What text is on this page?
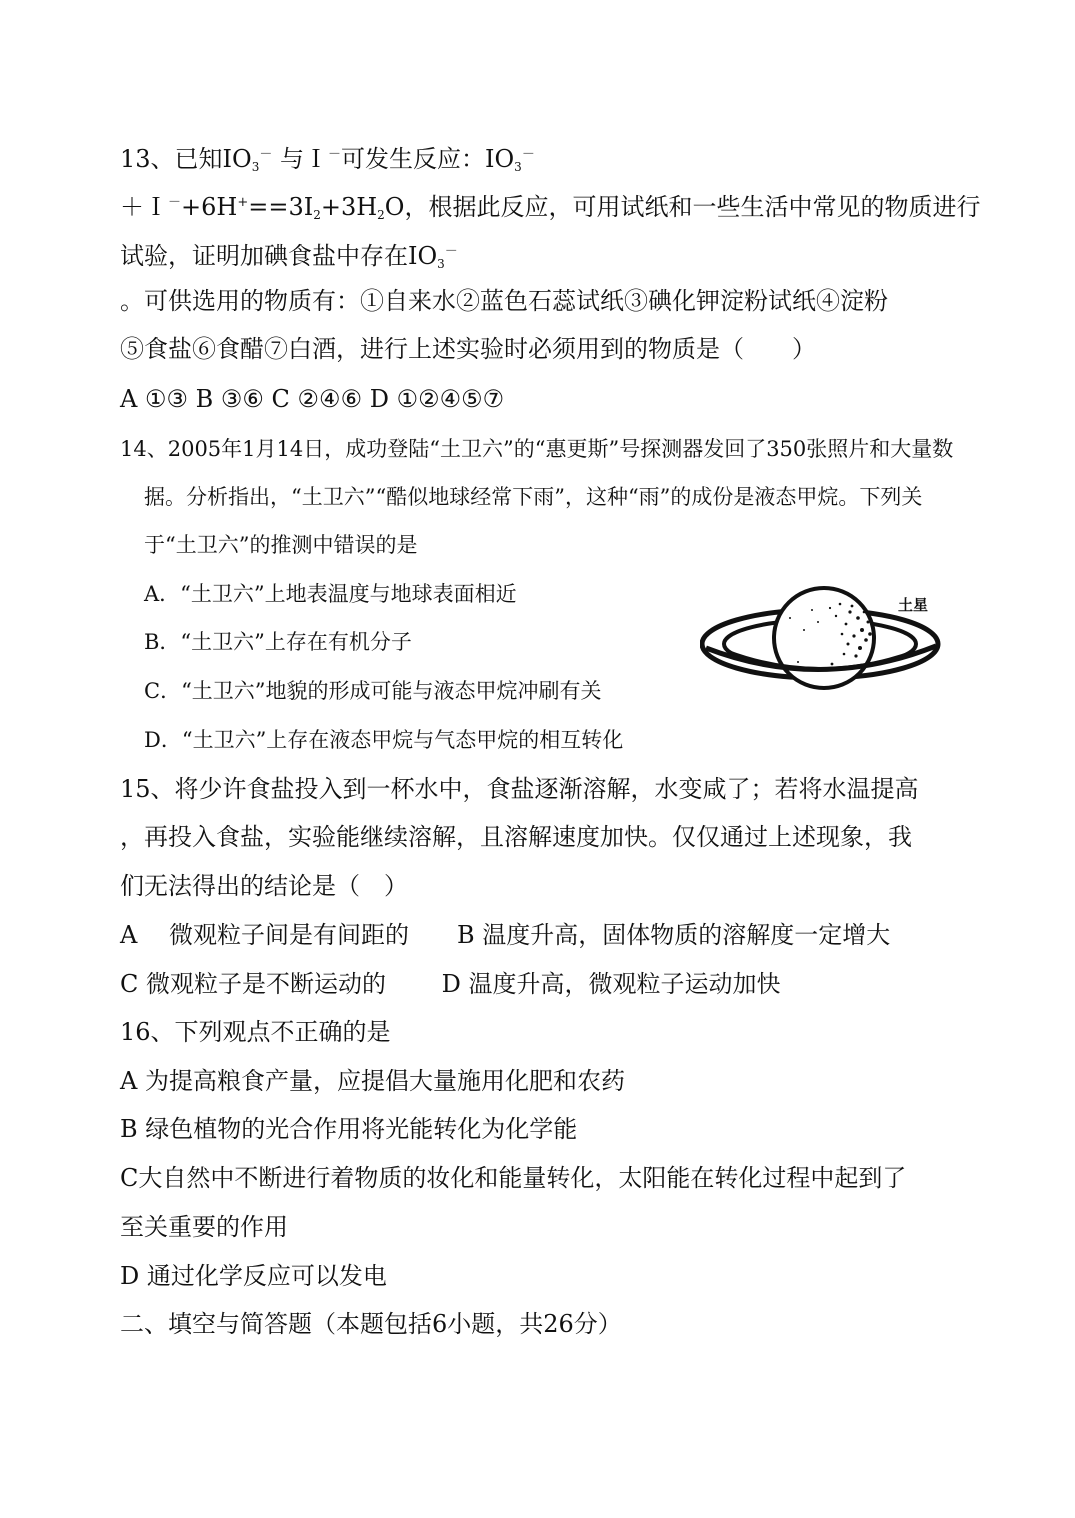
13、已知$IO_3^-$ 与Ｉ－可发生反应：$IO_3^-$
$+I^-+6H^+==3I_2+3H_2O$，根据此反应，可用试纸和一些生活中常见的物质进行
试验，证明加碘食盐中存在$IO_3^-$
。可供选用的物质有：①自来水②蓝色石蕊试纸③碘化钾淀粉试纸④淀粉
⑤食盐⑥食醋⑦白酒，进行上述实验时必须用到的物质是（　　）
A ①③ B ③⑥ C ②④⑥ D ①②④⑤⑦
14、2005年1月14日，成功登陆“土卫六”的“惠更斯”号探测器发回了350张照片和大量数
据。分析指出，“土卫六”“酷似地球经常下雨”，这种“雨”的成份是液态甲烷。下列关
于“土卫六”的推测中错误的是
A．“土卫六”上地表温度与地球表面相近
B．“土卫六”上存在有机分子
C．“土卫六”地貌的形成可能与液态甲烷冲刷有关
D．“土卫六”上存在液态甲烷与气态甲烷的相互转化
土星
15、将少许食盐投入到一杯水中，食盐逐渐溶解，水变咸了；若将水温提高
，再投入食盐，实验能继续溶解，且溶解速度加快。仅仅通过上述现象，我
们无法得出的结论是（　）
A　 微观粒子间是有间距的　　B 温度升高，固体物质的溶解度一定增大
C 微观粒子是不断运动的　　 D 温度升高，微观粒子运动加快
16、下列观点不正确的是
A 为提高粮食产量，应提倡大量施用化肥和农药
B 绿色植物的光合作用将光能转化为化学能
C大自然中不断进行着物质的妆化和能量转化，太阳能在转化过程中起到了
至关重要的作用
D 通过化学反应可以发电
二、填空与简答题（本题包括6小题，共26分）
